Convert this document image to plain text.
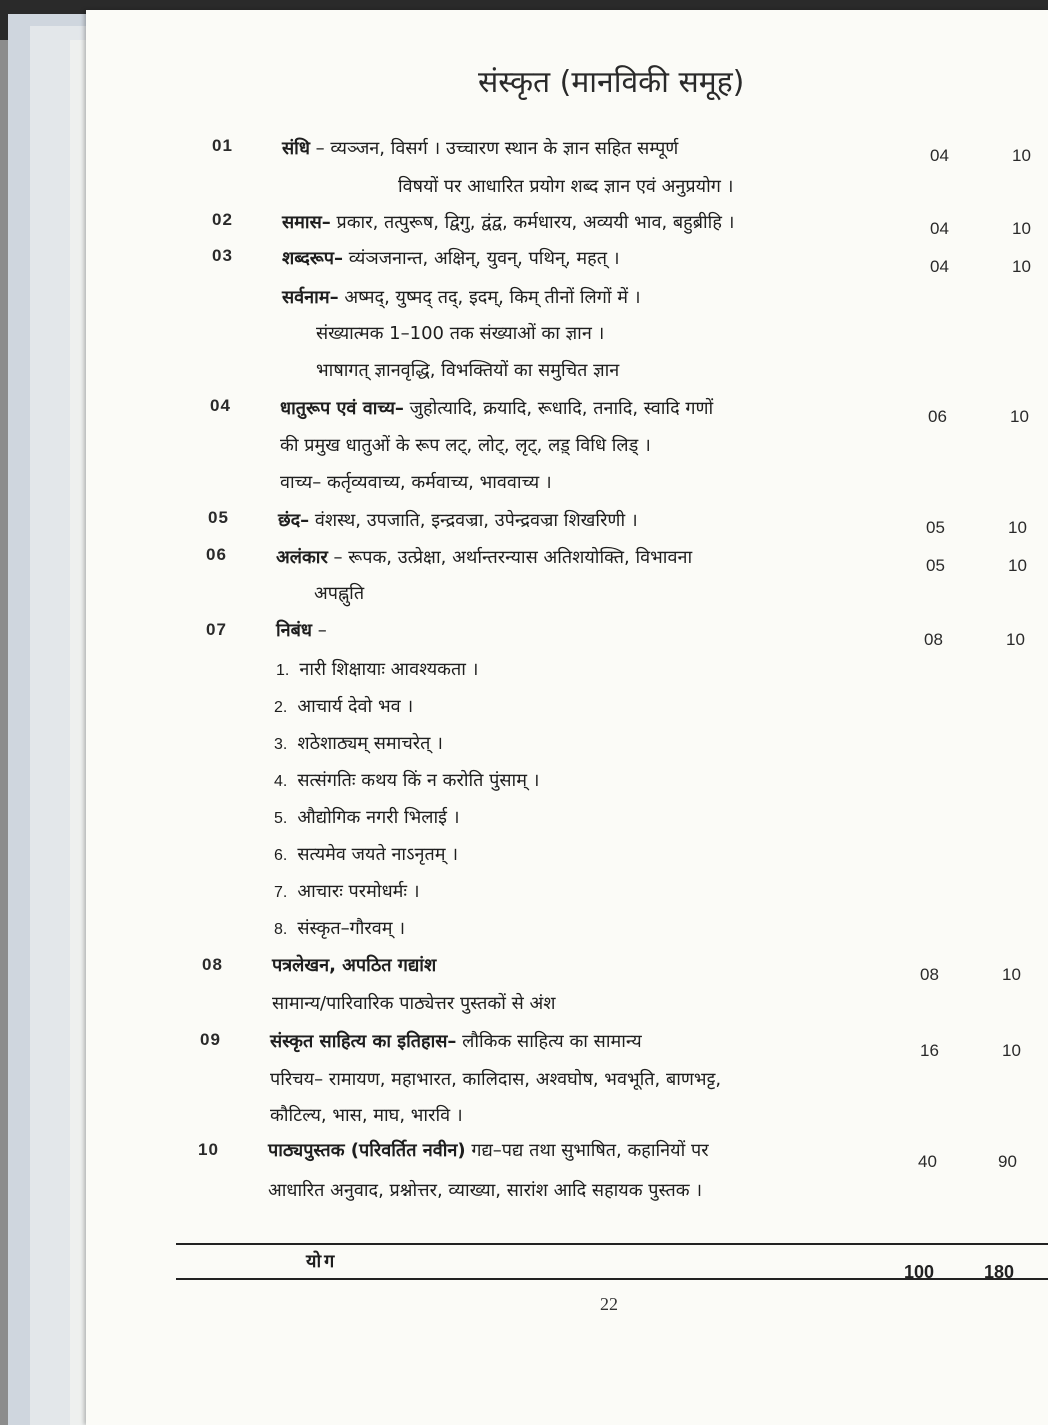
संस्कृत (मानविकी समूह)
01	संधि – व्यञ्जन, विसर्ग । उच्चारण स्थान के ज्ञान सहित सम्पूर्ण
विषयों पर आधारित प्रयोग शब्द ज्ञान एवं अनुप्रयोग ।
04	10
02	समास– प्रकार, तत्पुरूष, द्विगु, द्वंद्व, कर्मधारय, अव्ययी भाव, बहुब्रीहि ।	04	10
03	शब्दरूप– व्यंञजनान्त, अक्षिन्, युवन्, पथिन्, महत् ।
सर्वनाम– अष्मद्, युष्मद् तद्, इदम्, किम् तीनों लिगों में ।
संख्यात्मक 1–100 तक संख्याओं का ज्ञान ।
भाषागत् ज्ञानवृद्धि, विभक्तियों का समुचित ज्ञान
04	10
04	धातुरूप एवं वाच्य– जुहोत्यादि, क्रयादि, रूधादि, तनादि, स्वादि गणों
की प्रमुख धातुओं के रूप लट्, लोट्, लृट्, लड़् विधि लिड् ।
वाच्य– कर्तृव्यवाच्य, कर्मवाच्य, भाववाच्य ।
06	10
05	छंद– वंशस्थ, उपजाति, इन्द्रवज्रा, उपेन्द्रवज्रा शिखरिणी ।	05	10
06	अलंकार – रूपक, उत्प्रेक्षा, अर्थान्तरन्यास अतिशयोक्ति, विभावना
अपह्नुति
05	10
07	निबंध –	08	10
1. नारी शिक्षायाः आवश्यकता ।
2. आचार्य देवो भव ।
3. शठेशाठ्यम् समाचरेत् ।
4. सत्संगतिः कथय किं न करोति पुंसाम् ।
5. औद्योगिक नगरी भिलाई ।
6. सत्यमेव जयते नाऽनृतम् ।
7. आचारः परमोधर्मः ।
8. संस्कृत–गौरवम् ।
08	पत्रलेखन, अपठित गद्यांश
सामान्य/पारिवारिक पाठ्येत्तर पुस्तकों से अंश
08	10
09	संस्कृत साहित्य का इतिहास– लौकिक साहित्य का सामान्य
परिचय– रामायण, महाभारत, कालिदास, अश्वघोष, भवभूति, बाणभट्ट,
कौटिल्य, भास, माघ, भारवि ।
16	10
10	पाठ्यपुस्तक (परिवर्तित नवीन) गद्य–पद्य तथा सुभाषित, कहानियों पर
आधारित अनुवाद, प्रश्नोत्तर, व्याख्या, सारांश आदि सहायक पुस्तक ।
40	90
योग	100	180
22
